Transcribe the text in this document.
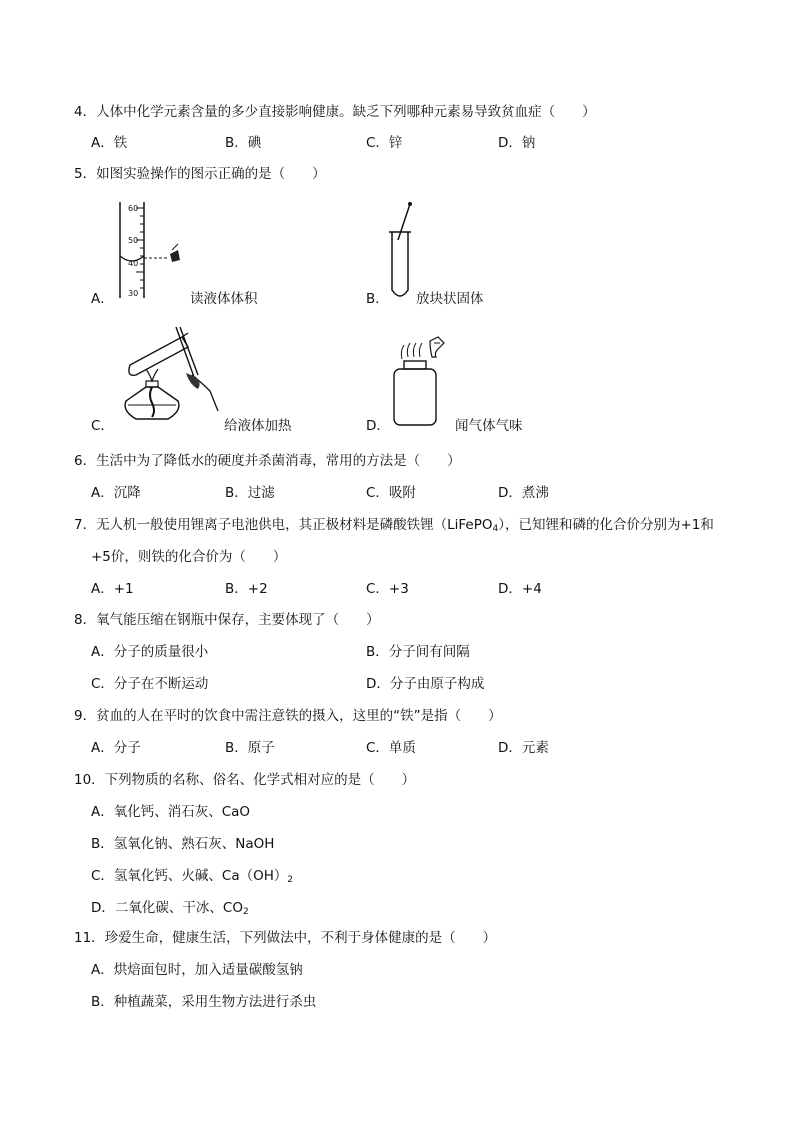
4．人体中化学元素含量的多少直接影响健康。缺乏下列哪种元素易导致贫血症（　　）
A．铁	B．碘	C．锌	D．钠
5．如图实验操作的图示正确的是（　　）
A．
60
50
40
30	读液体体积	B． 放块状固体
C．	给液体加热	D．	闻气体气味
6．生活中为了降低水的硬度并杀菌消毒，常用的方法是（　　）
A．沉降	B．过滤	C．吸附	D．煮沸
7．无人机一般使用锂离子电池供电，其正极材料是磷酸铁锂（LiFePO$_4$），已知锂和磷的化合价分别为+1和
+5价，则铁的化合价为（　　）
A．+1	B．+2	C．+3	D．+4
8．氧气能压缩在钢瓶中保存，主要体现了（　　）
A．分子的质量很小	B．分子间有间隔
C．分子在不断运动	D．分子由原子构成
9．贫血的人在平时的饮食中需注意铁的摄入，这里的“铁”是指（　　）
A．分子	B．原子	C．单质	D．元素
10．下列物质的名称、俗名、化学式相对应的是（　　）
A．氧化钙、消石灰、CaO
B．氢氧化钠、熟石灰、NaOH
C．氢氧化钙、火碱、$Ca(OH)_2$
D．二氧化碳、干冰、$CO_2$
11．珍爱生命，健康生活，下列做法中，不利于身体健康的是（　　）
A．烘焙面包时，加入适量碳酸氢钠
B．种植蔬菜，采用生物方法进行杀虫
